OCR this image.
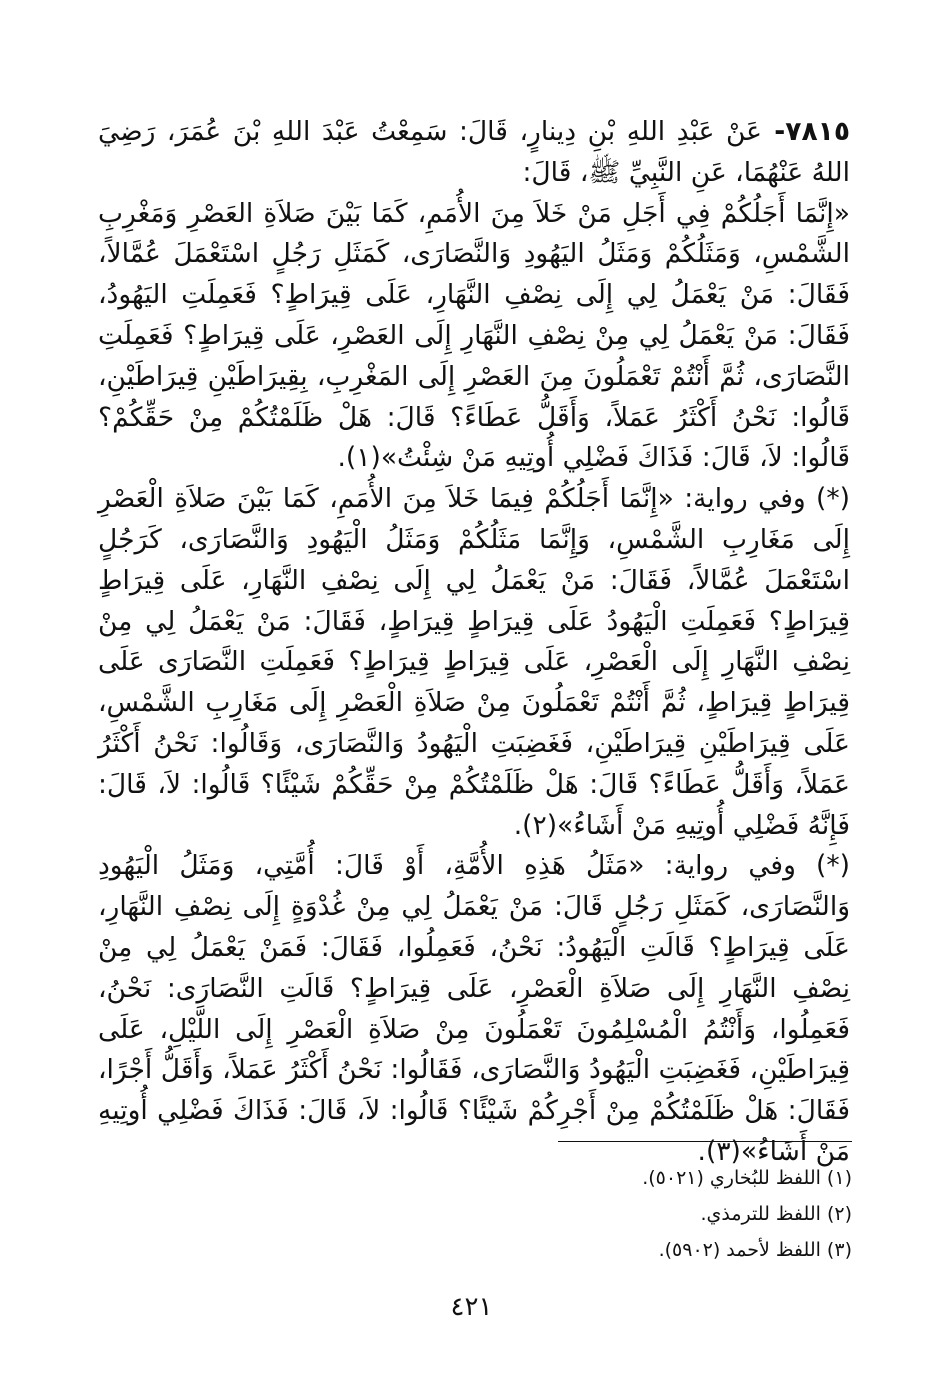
٧٨١٥- عَنْ عَبْدِ اللهِ بْنِ دِينارٍ، قَالَ: سَمِعْتُ عَبْدَ اللهِ بْنَ عُمَرَ، رَضِيَ اللهُ عَنْهُمَا، عَنِ النَّبِيِّ ﷺ، قَالَ:

«إِنَّمَا أَجَلُكُمْ فِي أَجَلِ مَنْ خَلاَ مِنَ الأُمَمِ، كَمَا بَيْنَ صَلاَةِ العَصْرِ وَمَغْرِبِ الشَّمْسِ، وَمَثَلُكُمْ وَمَثَلُ اليَهُودِ وَالنَّصَارَى، كَمَثَلِ رَجُلٍ اسْتَعْمَلَ عُمَّالاً، فَقَالَ: مَنْ يَعْمَلُ لِي إِلَى نِصْفِ النَّهَارِ، عَلَى قِيرَاطٍ؟ فَعَمِلَتِ اليَهُودُ، فَقَالَ: مَنْ يَعْمَلُ لِي مِنْ نِصْفِ النَّهَارِ إِلَى العَصْرِ، عَلَى قِيرَاطٍ؟ فَعَمِلَتِ النَّصَارَى، ثُمَّ أَنْتُمْ تَعْمَلُونَ مِنَ العَصْرِ إِلَى المَغْرِبِ، بِقِيرَاطَيْنِ قِيرَاطَيْنِ، قَالُوا: نَحْنُ أَكْثَرُ عَمَلاً، وَأَقَلُّ عَطَاءً؟ قَالَ: هَلْ ظَلَمْتُكُمْ مِنْ حَقِّكُمْ؟ قَالُوا: لاَ، قَالَ: فَذَاكَ فَضْلِي أُوتِيهِ مَنْ شِئْتُ»(١).

(*) وفي رواية: «إِنَّمَا أَجَلُكُمْ فِيمَا خَلاَ مِنَ الأُمَمِ، كَمَا بَيْنَ صَلاَةِ الْعَصْرِ إِلَى مَغَارِبِ الشَّمْسِ، وَإِنَّمَا مَثَلُكُمْ وَمَثَلُ الْيَهُودِ وَالنَّصَارَى، كَرَجُلٍ اسْتَعْمَلَ عُمَّالاً، فَقَالَ: مَنْ يَعْمَلُ لِي إِلَى نِصْفِ النَّهَارِ، عَلَى قِيرَاطٍ قِيرَاطٍ؟ فَعَمِلَتِ الْيَهُودُ عَلَى قِيرَاطٍ قِيرَاطٍ، فَقَالَ: مَنْ يَعْمَلُ لِي مِنْ نِصْفِ النَّهَارِ إِلَى الْعَصْرِ، عَلَى قِيرَاطٍ قِيرَاطٍ؟ فَعَمِلَتِ النَّصَارَى عَلَى قِيرَاطٍ قِيرَاطٍ، ثُمَّ أَنْتُمْ تَعْمَلُونَ مِنْ صَلاَةِ الْعَصْرِ إِلَى مَغَارِبِ الشَّمْسِ، عَلَى قِيرَاطَيْنِ قِيرَاطَيْنِ، فَغَضِبَتِ الْيَهُودُ وَالنَّصَارَى، وَقَالُوا: نَحْنُ أَكْثَرُ عَمَلاً، وَأَقَلُّ عَطَاءً؟ قَالَ: هَلْ ظَلَمْتُكُمْ مِنْ حَقِّكُمْ شَيْئًا؟ قَالُوا: لاَ، قَالَ: فَإِنَّهُ فَضْلِي أُوتِيهِ مَنْ أَشَاءُ»(٢).

(*) وفي رواية: «مَثَلُ هَذِهِ الأُمَّةِ، أَوْ قَالَ: أُمَّتِي، وَمَثَلُ الْيَهُودِ وَالنَّصَارَى، كَمَثَلِ رَجُلٍ قَالَ: مَنْ يَعْمَلُ لِي مِنْ غُدْوَةٍ إِلَى نِصْفِ النَّهَارِ، عَلَى قِيرَاطٍ؟ قَالَتِ الْيَهُودُ: نَحْنُ، فَعَمِلُوا، فَقَالَ: فَمَنْ يَعْمَلُ لِي مِنْ نِصْفِ النَّهَارِ إِلَى صَلاَةِ الْعَصْرِ، عَلَى قِيرَاطٍ؟ قَالَتِ النَّصَارَى: نَحْنُ، فَعَمِلُوا، وَأَنْتُمُ الْمُسْلِمُونَ تَعْمَلُونَ مِنْ صَلاَةِ الْعَصْرِ إِلَى اللَّيْلِ، عَلَى قِيرَاطَيْنِ، فَغَضِبَتِ الْيَهُودُ وَالنَّصَارَى، فَقَالُوا: نَحْنُ أَكْثَرُ عَمَلاً، وَأَقَلُّ أَجْرًا، فَقَالَ: هَلْ ظَلَمْتُكُمْ مِنْ أَجْرِكُمْ شَيْئًا؟ قَالُوا: لاَ، قَالَ: فَذَاكَ فَضْلِي أُوتِيهِ مَنْ أَشَاءُ»(٣).

(١) اللفظ للبُخاري (٥٠٢١).
(٢) اللفظ للترمذي.
(٣) اللفظ لأحمد (٥٩٠٢).
٤٢١
